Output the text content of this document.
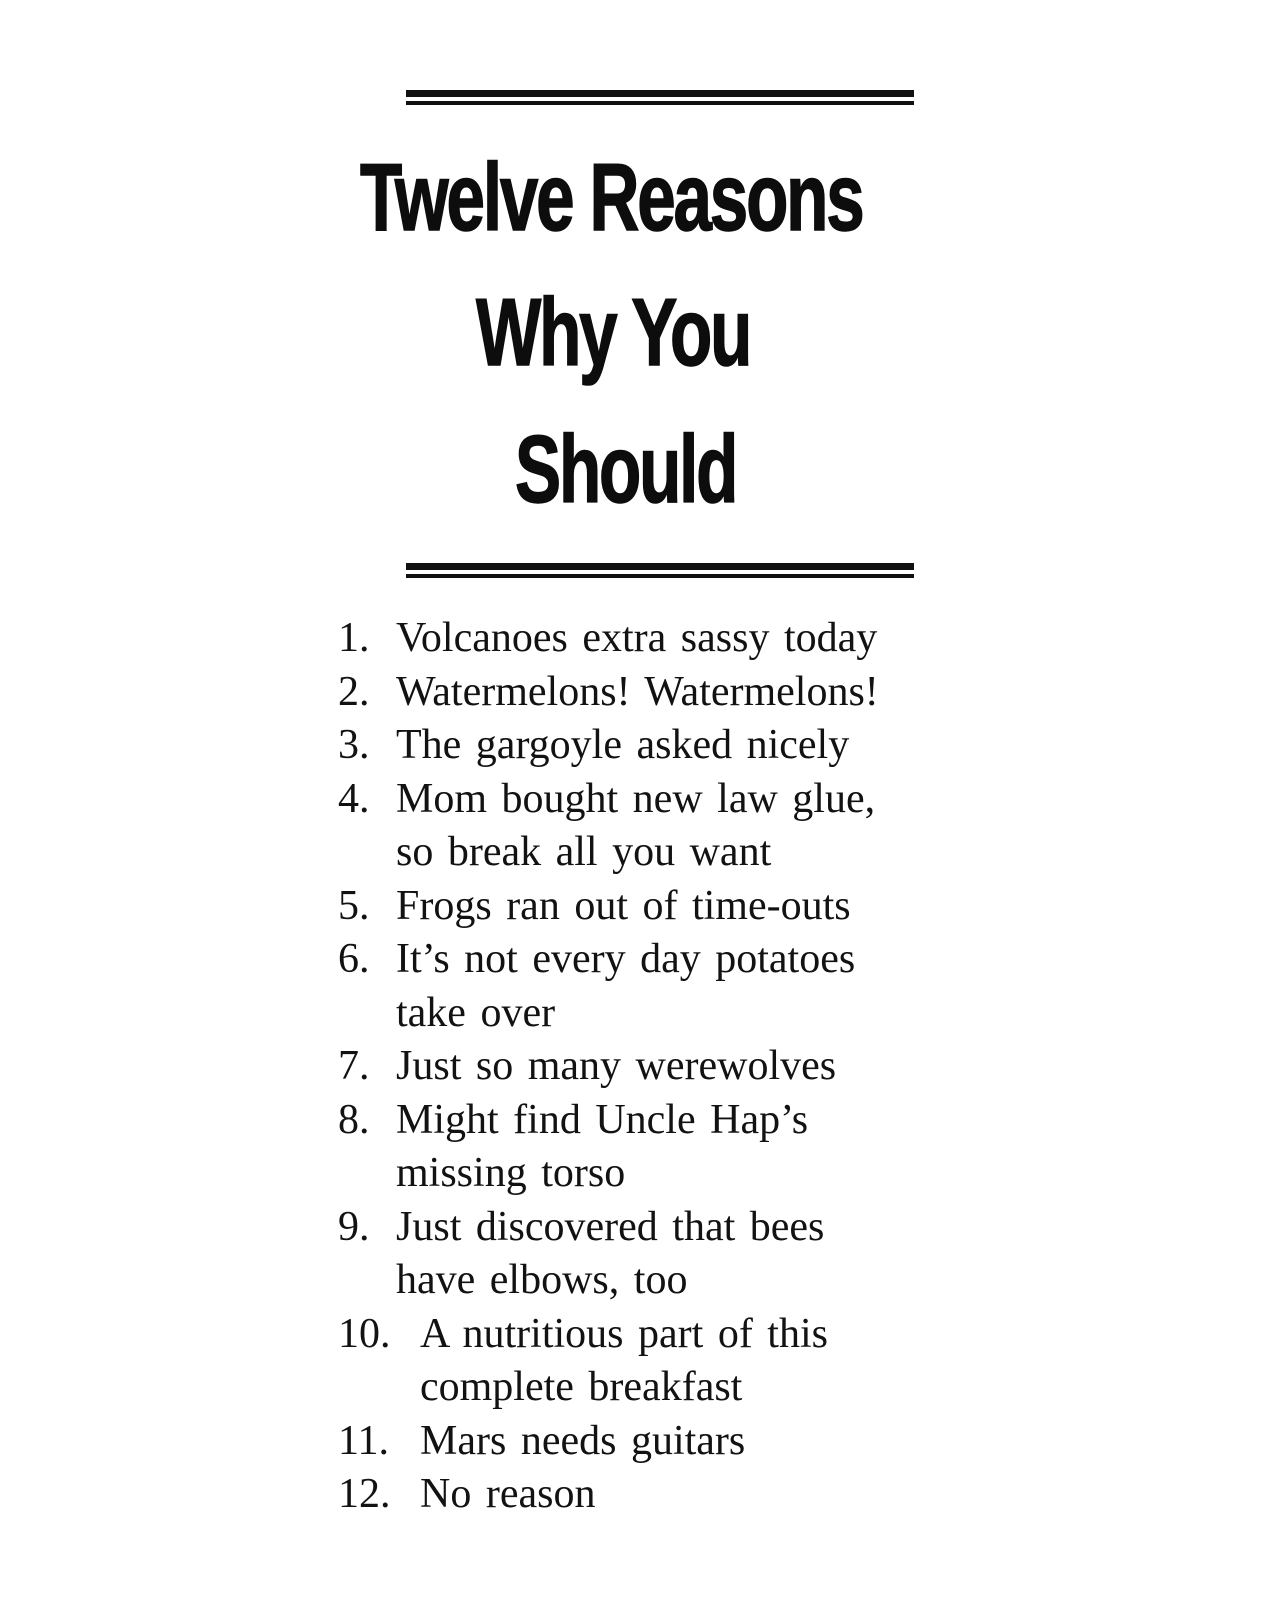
Twelve Reasons
Why You
Should
1. Volcanoes extra sassy today
2. Watermelons! Watermelons!
3. The gargoyle asked nicely
4. Mom bought new law glue,
so break all you want
5. Frogs ran out of time-outs
6. It’s not every day potatoes
take over
7. Just so many werewolves
8. Might find Uncle Hap’s
missing torso
9. Just discovered that bees
have elbows, too
10. A nutritious part of this
complete breakfast
11. Mars needs guitars
12. No reason
